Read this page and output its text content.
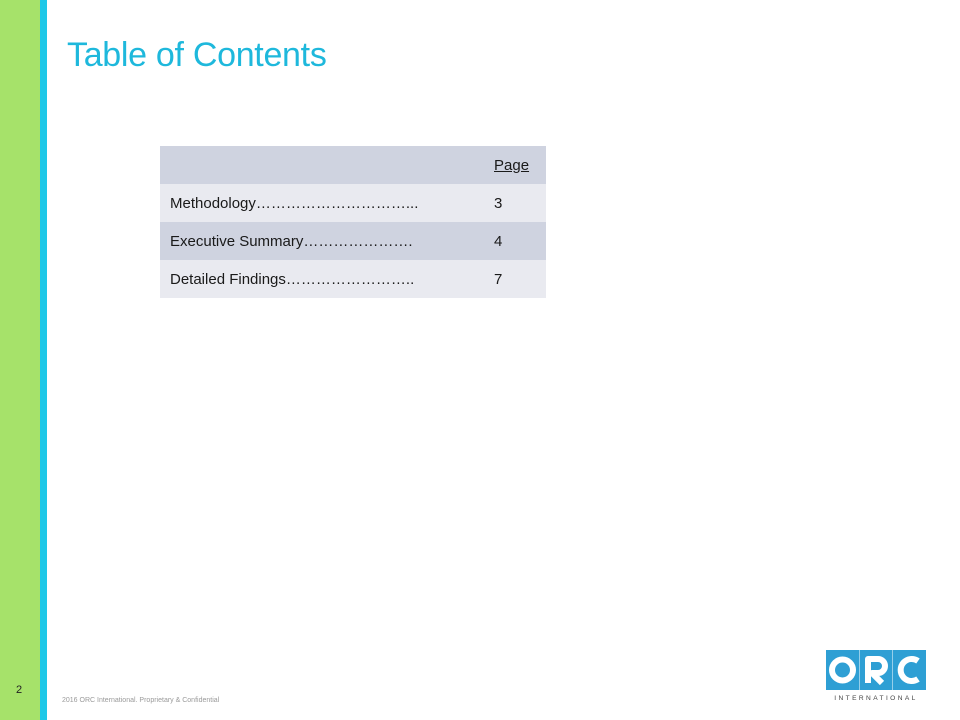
Table of Contents
	Page
Methodology…………………………...	3
Executive Summary………………….	4
Detailed Findings……………………..	7
2
2016 ORC International. Proprietary & Confidential	INTERNATIONAL
